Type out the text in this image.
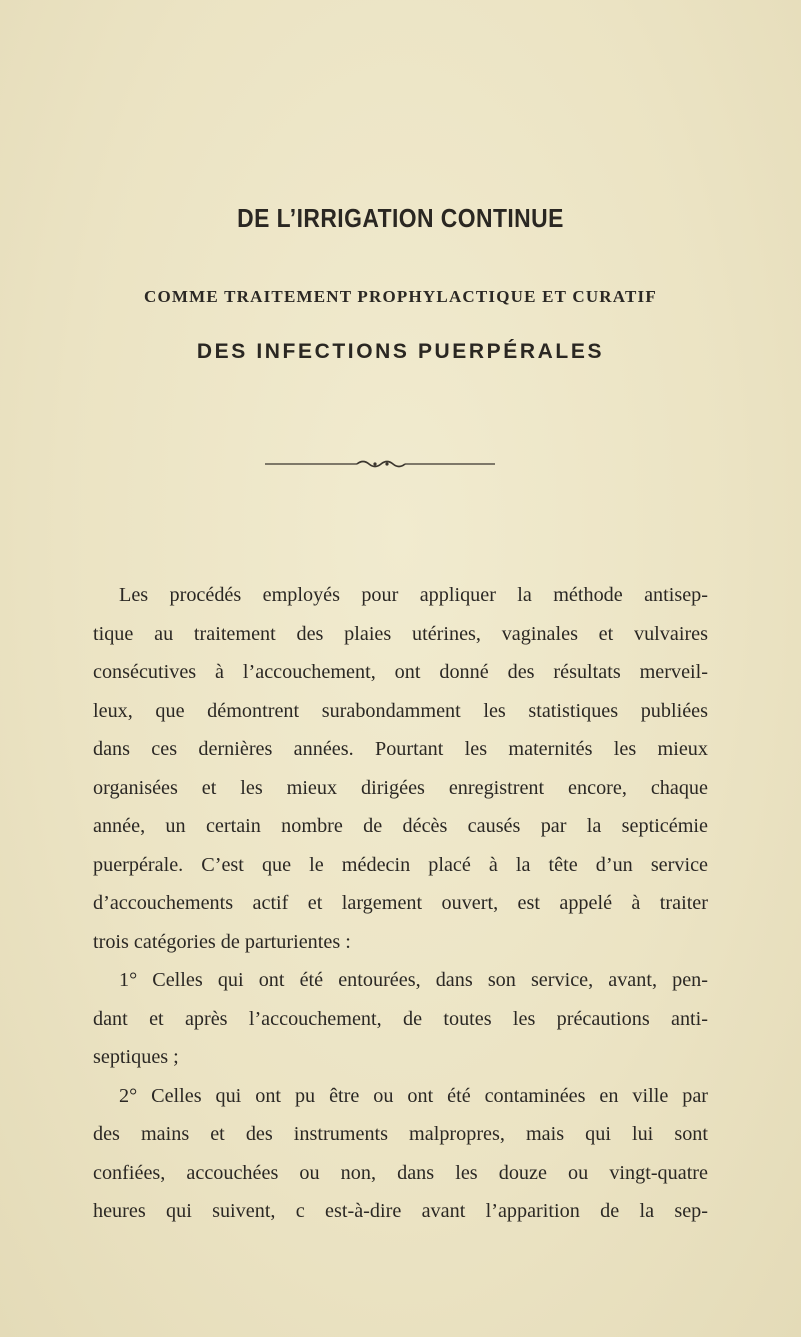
DE L’IRRIGATION CONTINUE
COMME TRAITEMENT PROPHYLACTIQUE ET CURATIF
DES INFECTIONS PUERPÉRALES
Les procédés employés pour appliquer la méthode antisep-
tique au traitement des plaies utérines, vaginales et vulvaires
consécutives à l’accouchement, ont donné des résultats merveil-
leux, que démontrent surabondamment les statistiques publiées
dans ces dernières années. Pourtant les maternités les mieux
organisées et les mieux dirigées enregistrent encore, chaque
année, un certain nombre de décès causés par la septicémie
puerpérale. C’est que le médecin placé à la tête d’un service
d’accouchements actif et largement ouvert, est appelé à traiter
trois catégories de parturientes :
1° Celles qui ont été entourées, dans son service, avant, pen-
dant et après l’accouchement, de toutes les précautions anti-
septiques ;
2° Celles qui ont pu être ou ont été contaminées en ville par
des mains et des instruments malpropres, mais qui lui sont
confiées, accouchées ou non, dans les douze ou vingt-quatre
heures qui suivent, c est-à-dire avant l’apparition de la sep-
